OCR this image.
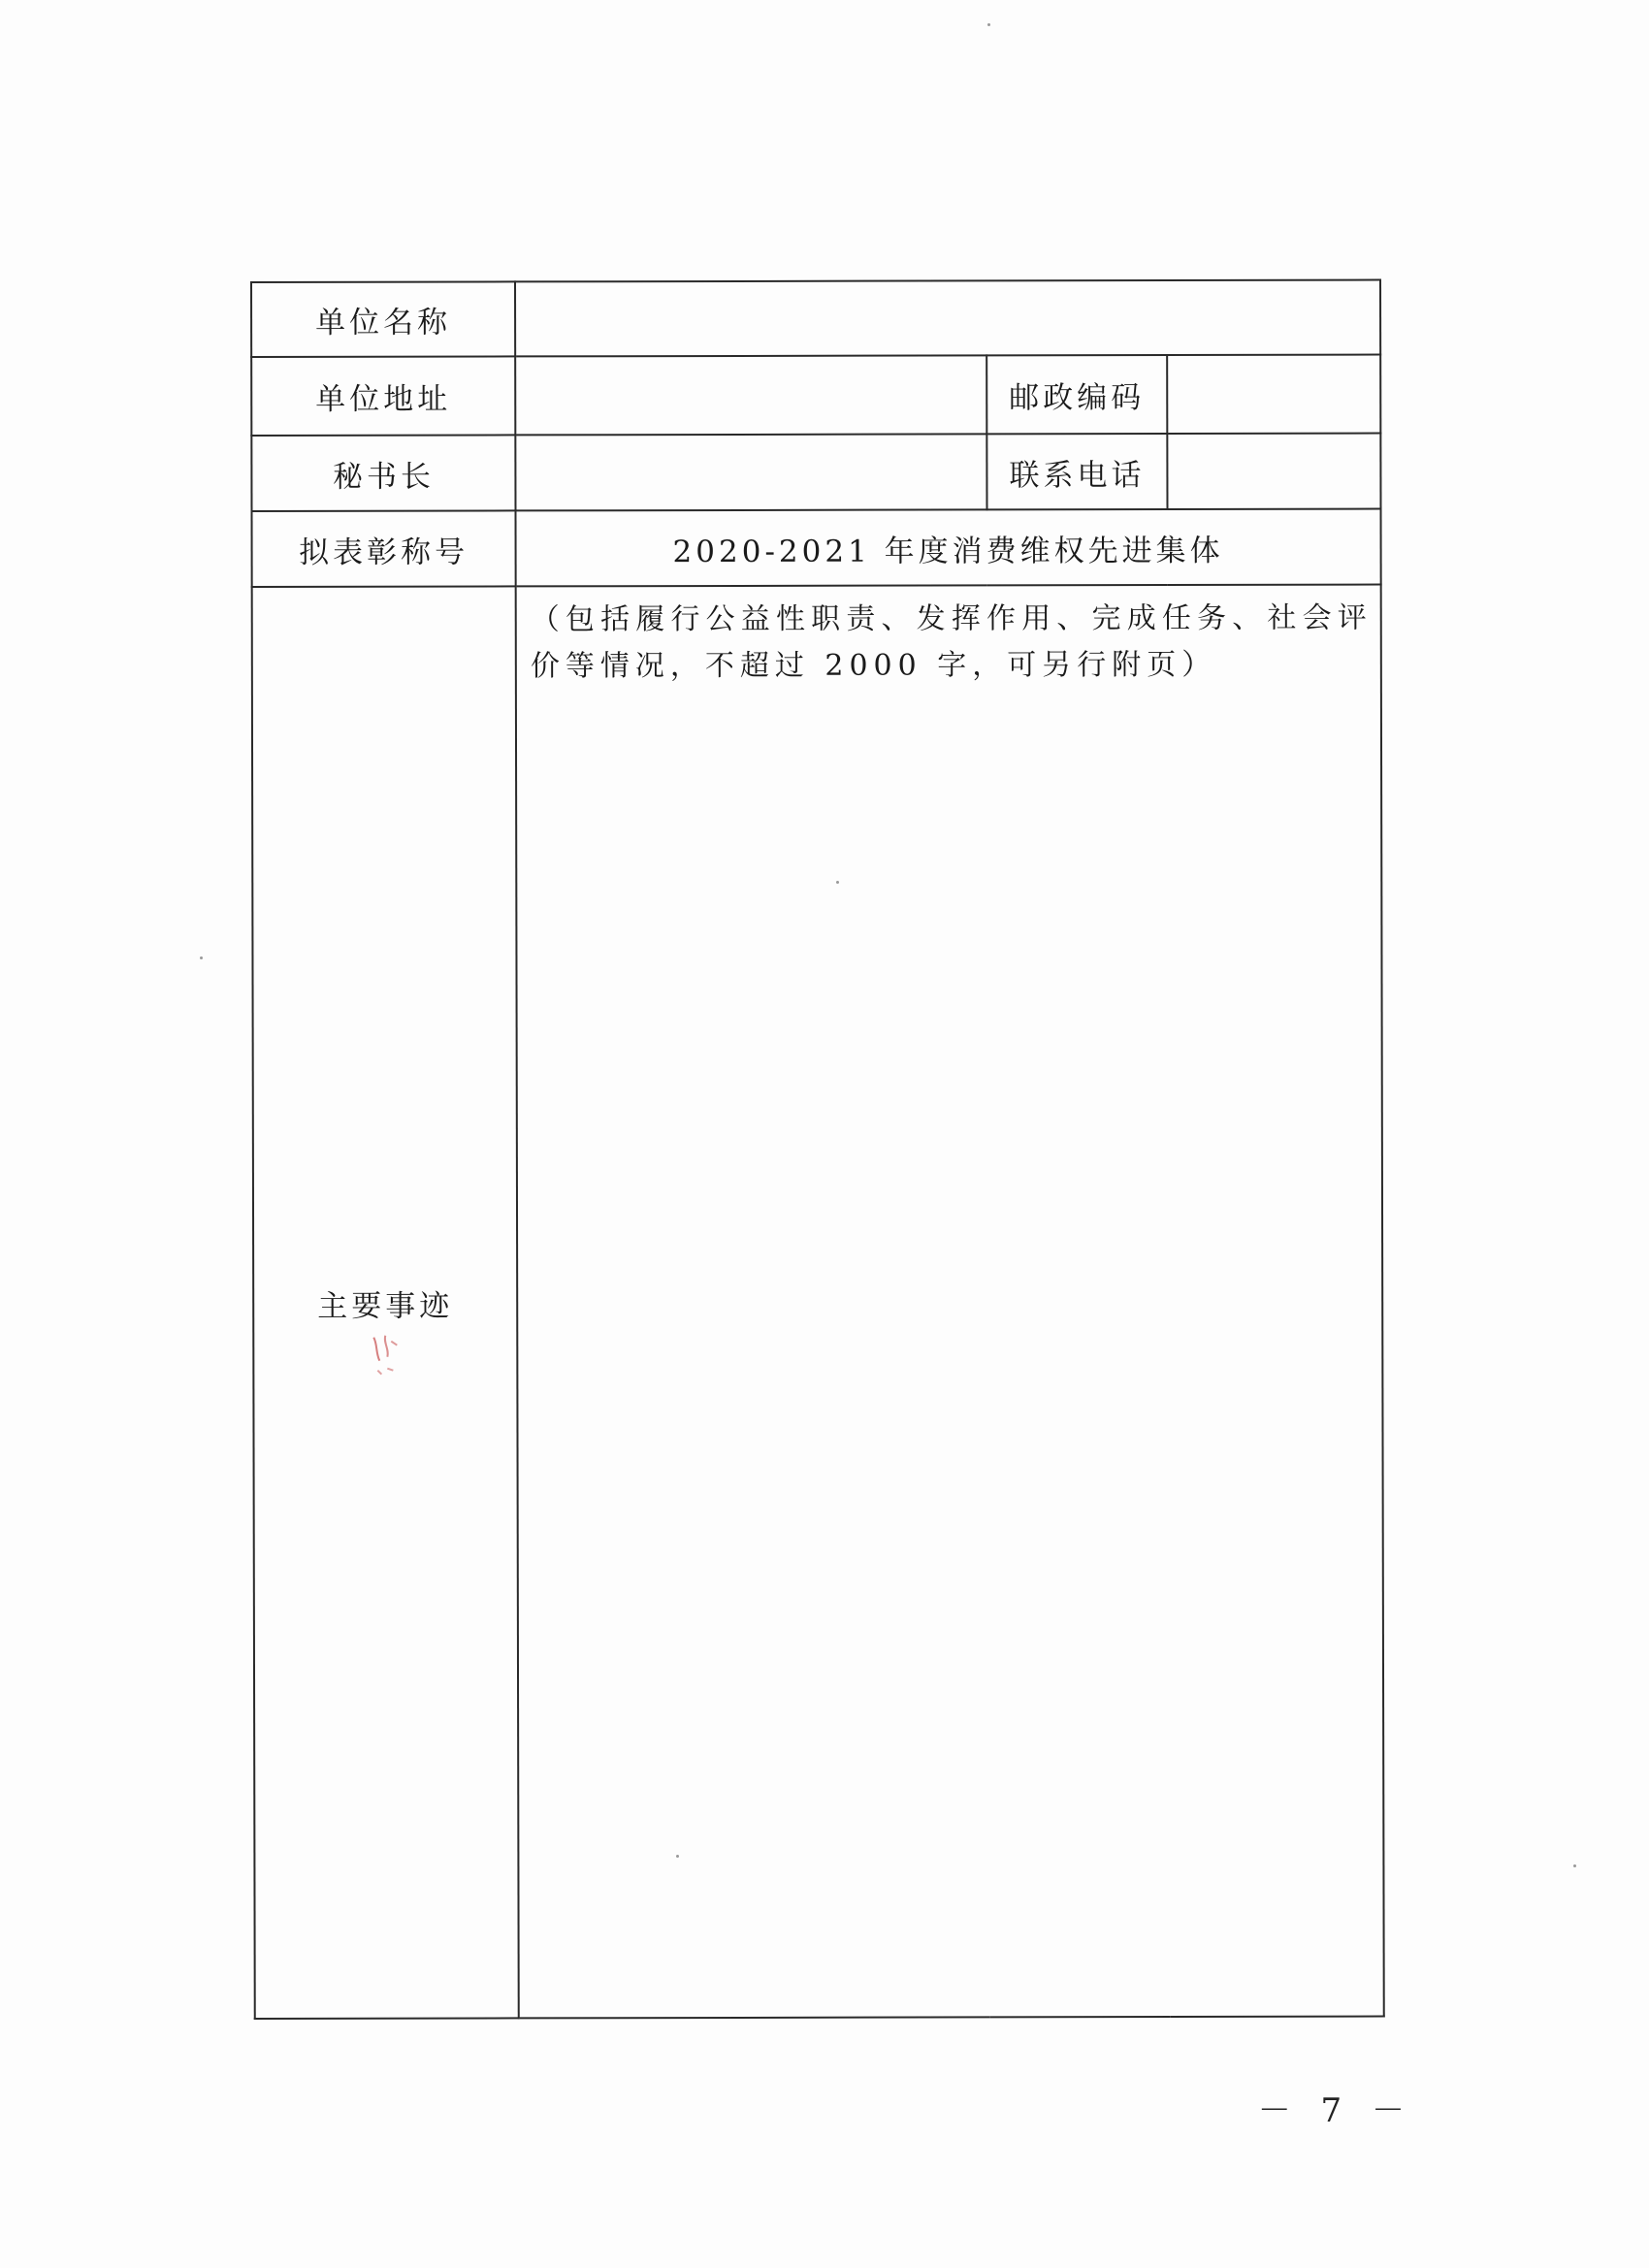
单位名称			
单位地址		邮政编码	
秘书长		联系电话	
拟表彰称号	2020-2021 年度消费维权先进集体		
主要事迹	（包括履行公益性职责、发挥作用、完成任务、社会评价等情况，不超过 2000 字，可另行附页）		
－ 7 －
